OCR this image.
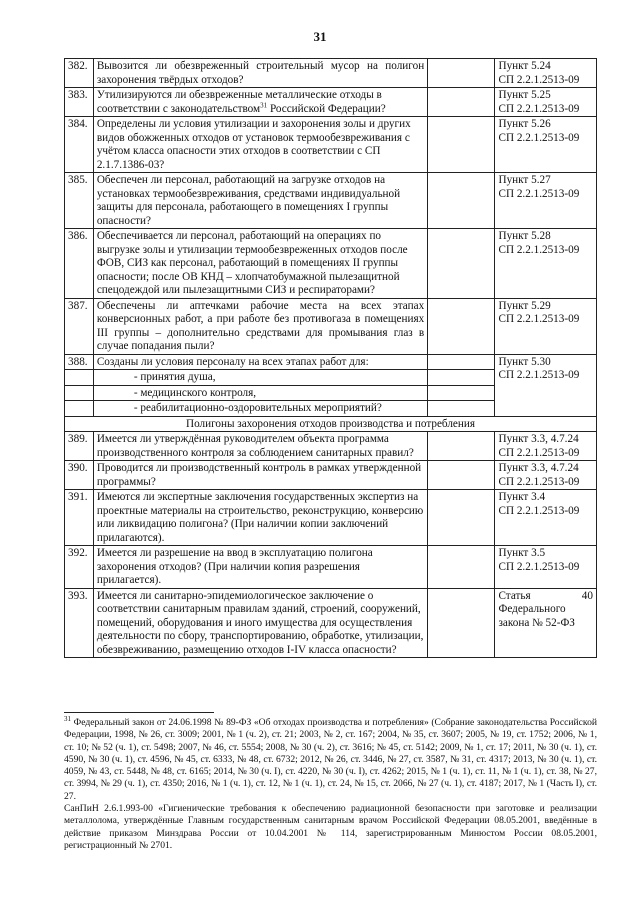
31
382.	Вывозится ли обезвреженный строительный мусор на полигон захоронения твёрдых отходов?		Пункт 5.24
СП 2.2.1.2513-09

383.	Утилизируются ли обезвреженные металлические отходы в соответствии с законодательством$^{31}$ Российской Федерации?		Пункт 5.25
СП 2.2.1.2513-09

384.	Определены ли условия утилизации и захоронения золы и других видов обожженных отходов от установок термообезвреживания с учётом класса опасности этих отходов в соответствии с СП 2.1.7.1386-03?		Пункт 5.26
СП 2.2.1.2513-09

385.	Обеспечен ли персонал, работающий на загрузке отходов на установках термообезвреживания, средствами индивидуальной защиты для персонала, работающего в помещениях I группы опасности?		Пункт 5.27
СП 2.2.1.2513-09

386.	Обеспечивается ли персонал, работающий на операциях по выгрузке золы и утилизации термообезвреженных отходов после ФОВ, СИЗ как персонал, работающий в помещениях II группы опасности; после ОВ КНД – хлопчатобумажной пылезащитной спецодеждой или пылезащитными СИЗ и респираторами?		Пункт 5.28
СП 2.2.1.2513-09

387.	Обеспечены ли аптечками рабочие места на всех этапах конверсионных работ, а при работе без противогаза в помещениях III группы – дополнительно средствами для промывания глаз в случае попадания пыли?		Пункт 5.29
СП 2.2.1.2513-09

388.	Созданы ли условия персоналу на всех этапах работ для:		Пункт 5.30
СП 2.2.1.2513-09

	- принятия душа,		
	- медицинского контроля,		
	- реабилитационно-оздоровительных мероприятий?		
Полигоны захоронения отходов производства и потребления			
389.	Имеется ли утверждённая руководителем объекта программа производственного контроля за соблюдением санитарных правил?		Пункт 3.3, 4.7.24
СП 2.2.1.2513-09

390.	Проводится ли производственный контроль в рамках утвержденной программы?		Пункт 3.3, 4.7.24
СП 2.2.1.2513-09

391.	Имеются ли экспертные заключения государственных экспертиз на проектные материалы на строительство, реконструкцию, конверсию или ликвидацию полигона? (При наличии копии заключений прилагаются).		Пункт 3.4
СП 2.2.1.2513-09

392.	Имеется ли разрешение на ввод в эксплуатацию полигона захоронения отходов? (При наличии копия разрешения прилагается).		Пункт 3.5
СП 2.2.1.2513-09

393.	Имеется ли санитарно-эпидемиологическое заключение о соответствии санитарным правилам зданий, строений, сооружений, помещений, оборудования и иного имущества для осуществления деятельности по сбору, транспортированию, обработке, утилизации, обезвреживанию, размещению отходов I-IV класса опасности?		Статья 40 Федерального закона № 52-ФЗ

$^{31}$ Федеральный закон от 24.06.1998 № 89-ФЗ «Об отходах производства и потребления» (Собрание законодательства Российской Федерации, 1998, № 26, ст. 3009; 2001, № 1 (ч. 2), ст. 21; 2003, № 2, ст. 167; 2004, № 35, ст. 3607; 2005, № 19, ст. 1752; 2006, № 1, ст. 10; № 52 (ч. 1), ст. 5498; 2007, № 46, ст. 5554; 2008, № 30 (ч. 2), ст. 3616; № 45, ст. 5142; 2009, № 1, ст. 17; 2011, № 30 (ч. 1), ст. 4590, № 30 (ч. 1), ст. 4596, № 45, ст. 6333, № 48, ст. 6732; 2012, № 26, ст. 3446, № 27, ст. 3587, № 31, ст. 4317; 2013, № 30 (ч. 1), ст. 4059, № 43, ст. 5448, № 48, ст. 6165; 2014, № 30 (ч. I), ст. 4220, № 30 (ч. I), ст. 4262; 2015, № 1 (ч. 1), ст. 11, № 1 (ч. 1), ст. 38, № 27, ст. 3994, № 29 (ч. 1), ст. 4350; 2016, № 1 (ч. 1), ст. 12, № 1 (ч. 1), ст. 24, № 15, ст. 2066, № 27 (ч. 1), ст. 4187; 2017, № 1 (Часть I), ст. 27.

СанПиН 2.6.1.993-00 «Гигиенические требования к обеспечению радиационной безопасности при заготовке и реализации металлолома, утверждённые Главным государственным санитарным врачом Российской Федерации 08.05.2001, введённые в действие приказом Минздрава России от 10.04.2001 № 114, зарегистрированным Минюстом России 08.05.2001, регистрационный № 2701.
